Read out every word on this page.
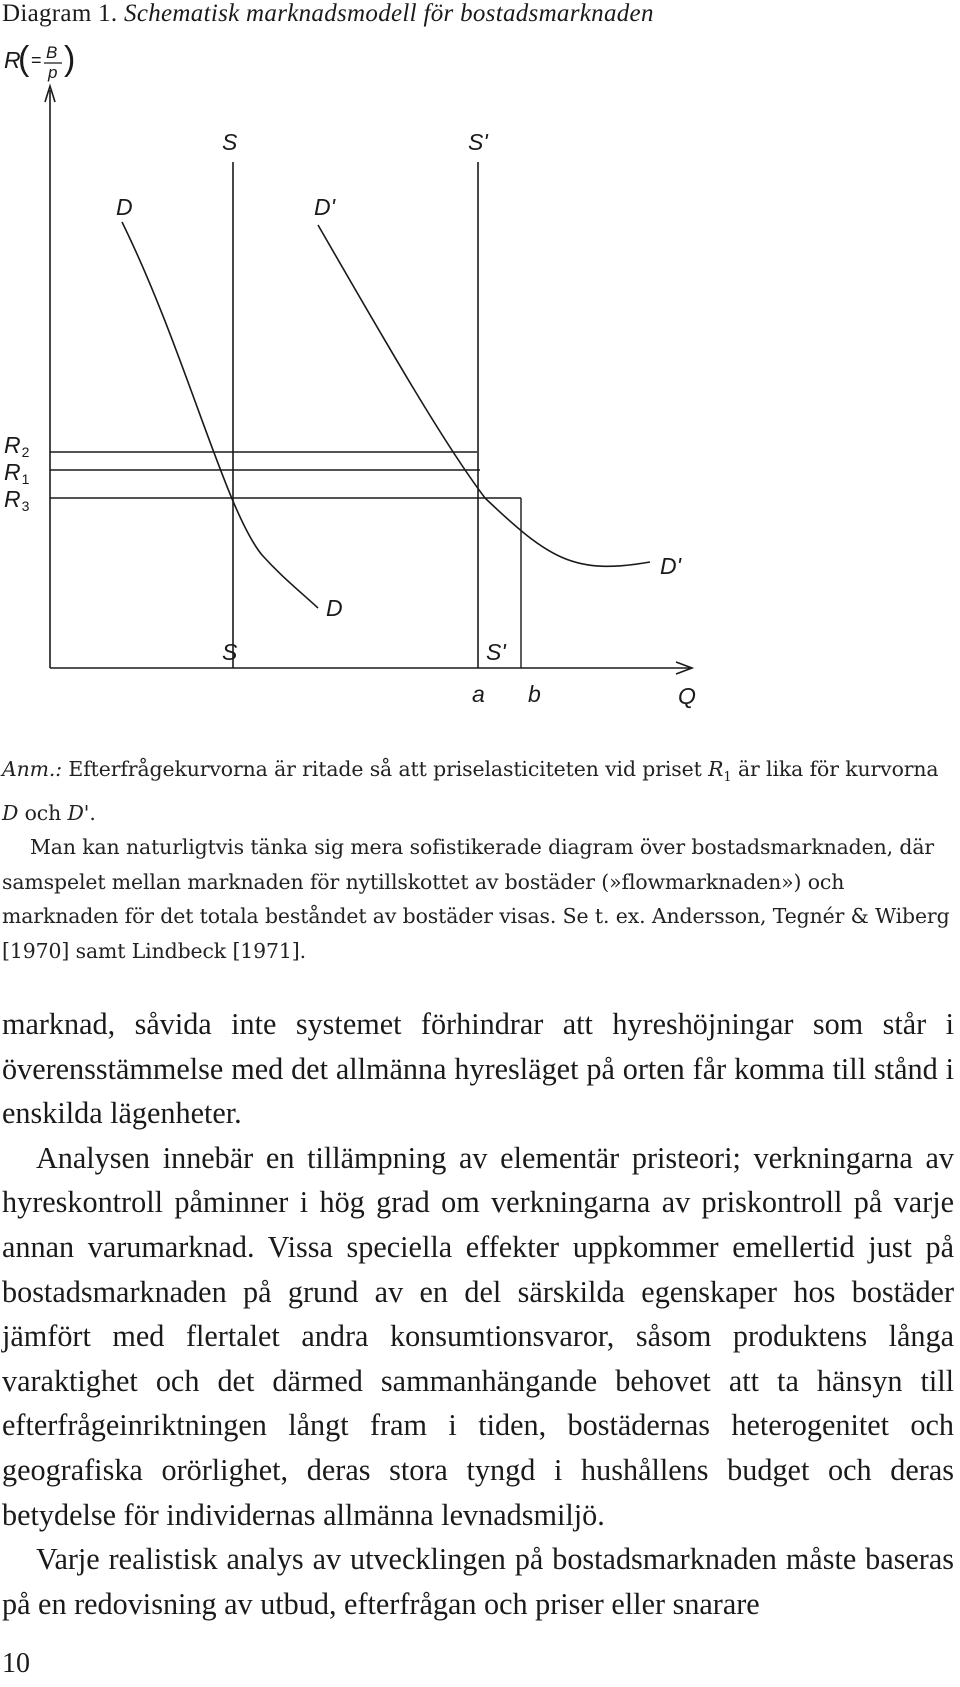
Diagram 1. Schematisk marknadsmodell för bostadsmarknaden
R
( = B
p )
R2
R1
R3
S	S'
D	D'
D'
D
S	S'
a b	Q

Anm.: Efterfrågekurvorna är ritade så att priselasticiteten vid priset $R_1$ är lika för kurvorna D och D'.

Man kan naturligtvis tänka sig mera sofistikerade diagram över bostadsmarknaden, där samspelet mellan marknaden för nytillskottet av bostäder (»flowmarknaden») och marknaden för det totala beståndet av bostäder visas. Se t. ex. Andersson, Tegnér & Wiberg [1970] samt Lindbeck [1971].

marknad, såvida inte systemet förhindrar att hyreshöjningar som står i överensstämmelse med det allmänna hyresläget på orten får komma till stånd i enskilda lägenheter.

Analysen innebär en tillämpning av elementär pristeori; verkningarna av hyreskontroll påminner i hög grad om verkningarna av priskontroll på varje annan varumarknad. Vissa speciella effekter uppkommer emellertid just på bostadsmarknaden på grund av en del särskilda egenskaper hos bostäder jämfört med flertalet andra konsumtionsvaror, såsom produktens långa varaktighet och det därmed sammanhängande behovet att ta hänsyn till efterfrågeinriktningen långt fram i tiden, bostädernas heterogenitet och geografiska orörlighet, deras stora tyngd i hushållens budget och deras betydelse för individernas allmänna levnadsmiljö.

Varje realistisk analys av utvecklingen på bostadsmarknaden måste baseras på en redovisning av utbud, efterfrågan och priser eller snarare

10
